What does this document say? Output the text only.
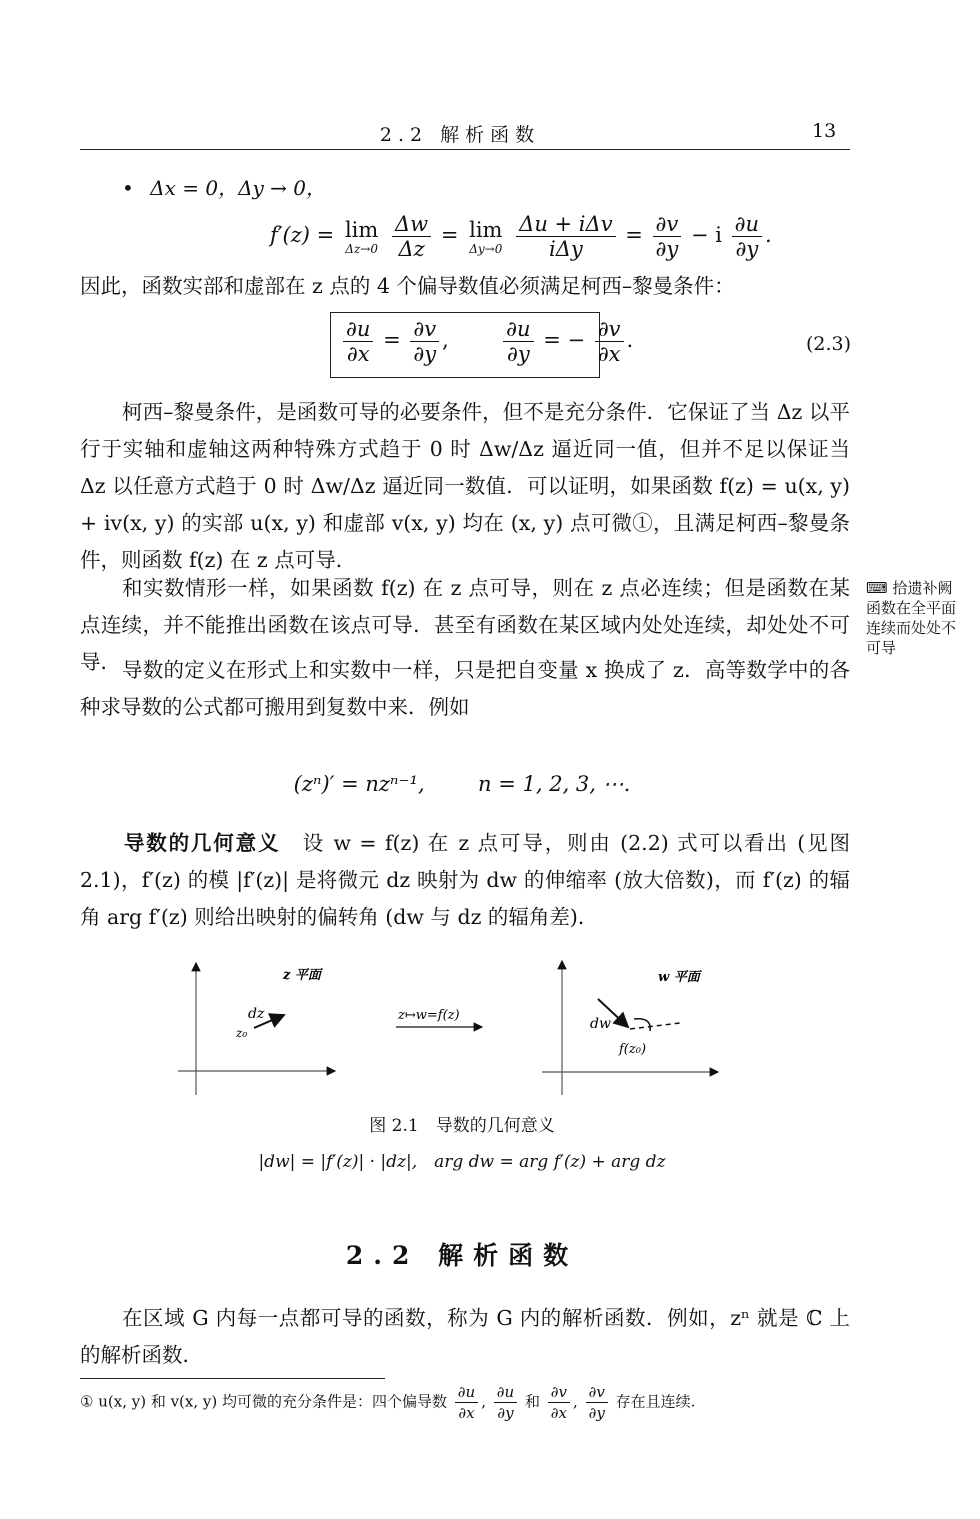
2.2 解析函数	13
• Δx = 0，Δy → 0，
f′(z) = lim
Δz→0
$\frac{\Delta w}{\Delta z} = \lim$
Δy→0
$\frac{\text{Δu + iΔv}}{\text{iΔy}} = \frac{\partial v}{\partial y} - i \frac{\partial u}{\partial y}$ .
因此，函数实部和虚部在 z 点的 4 个偏导数值必须满足柯西–黎曼条件：
$\frac{\partial u}{\partial x} = \frac{\partial v}{\partial y}$ ,	$\frac{\partial u}{\partial y}$ = − $\frac{\partial v}{\partial x}$ .	(2.3)
柯西–黎曼条件，是函数可导的必要条件，但不是充分条件．它保证了当 Δz 以平行于实轴和虚轴这两种特殊方式趋于 0 时 Δw/Δz 逼近同一值，但并不足以保证当 Δz 以任意方式趋于 0 时 Δw/Δz 逼近同一数值．可以证明，如果函数 f(z) = u(x, y) + iv(x, y) 的实部 u(x, y) 和虚部 v(x, y) 均在 (x, y) 点可微①，且满足柯西–黎曼条件，则函数 f(z) 在 z 点可导．
和实数情形一样，如果函数 f(z) 在 z 点可导，则在 z 点必连续；但是函数在某点连续，并不能推出函数在该点可导．甚至有函数在某区域内处处连续，却处处不可导．
⌨ 拾遗补阙 函数在全平面连续而处处不可导
导数的定义在形式上和实数中一样，只是把自变量 x 换成了 z．高等数学中的各种求导数的公式都可搬用到复数中来．例如
(zⁿ)′ = nzⁿ⁻¹,        n = 1, 2, 3, ⋯.
导数的几何意义　 设 w = f(z) 在 z 点可导，则由 (2.2) 式可以看出 (见图 2.1)，f′(z) 的模 |f′(z)| 是将微元 dz 映射为 dw 的伸缩率 (放大倍数)，而 f′(z) 的辐角 arg f′(z) 则给出映射的偏转角 (dw 与 dz 的辐角差)．
z 平面
dz
z₀
z↦w=f(z)
w 平面
dw
f(z₀)
图 2.1　导数的几何意义
|dw| = |f′(z)| · |dz|,　arg dw = arg f′(z) + arg dz
2.2 解析函数
在区域 G 内每一点都可导的函数，称为 G 内的解析函数．例如，zⁿ 就是 ℂ 上的解析函数．
① u(x, y) 和 v(x, y) 均可微的充分条件是：四个偏导数 $\frac{\partial u}{\partial x}$ , $\frac{\partial u}{\partial y}$ 和 $\frac{\partial v}{\partial x}$ , $\frac{\partial v}{\partial y}$ 存在且连续.
